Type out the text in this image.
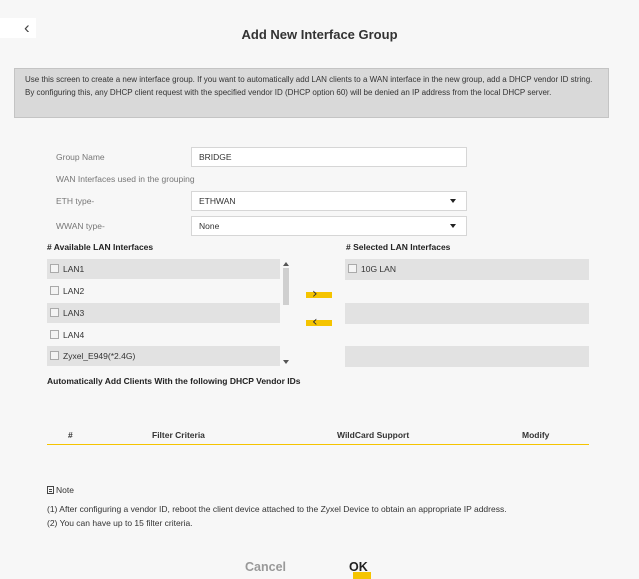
‹	Add New Interface Group
Use this screen to create a new interface group. If you want to automatically add LAN clients to a WAN interface in the new group, add a DHCP vendor ID string. By configuring this, any DHCP client request with the specified vendor ID (DHCP option 60) will be denied an IP address from the local DHCP server.
Group Name	BRIDGE
WAN Interfaces used in the grouping
ETH type-	ETHWAN
WWAN type-	None
# Available LAN Interfaces	# Selected LAN Interfaces
LAN1
LAN2
LAN3
LAN4
Zyxel_E949(*2.4G)
›
‹
10G LAN
Automatically Add Clients With the following DHCP Vendor IDs
#	Filter Criteria	WildCard Support	Modify
Note
(1) After configuring a vendor ID, reboot the client device attached to the Zyxel Device to obtain an appropriate IP address.
(2) You can have up to 15 filter criteria.
Cancel	OK
